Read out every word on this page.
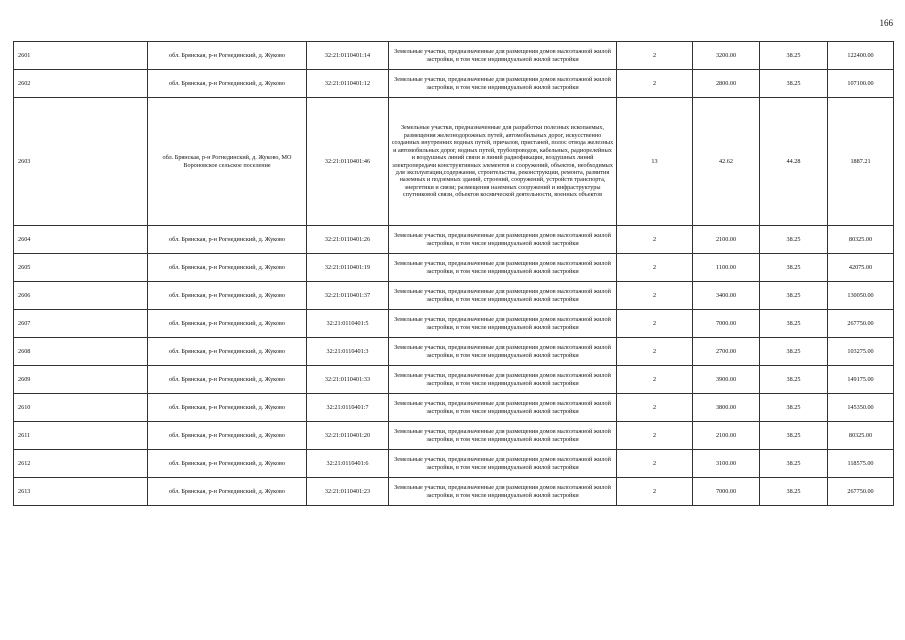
166
2601	обл. Брянская, р-н Рогнединский, д. Жуково	32:21:0110401:14	Земельные участки, предназначенные для размещения домов малоэтажной жилой застройки, в том числе индивидуальной жилой застройки	2	3200.00	38.25	122400.00
2602	обл. Брянская, р-н Рогнединский, д. Жуково	32:21:0110401:12	Земельные участки, предназначенные для размещения домов малоэтажной жилой застройки, в том числе индивидуальной жилой застройки	2	2800.00	38.25	107100.00
2603	обл. Брянская, р-н Рогнединский, д. Жуково, МО Вороновское сельское поселение	32:21:0110401:46	Земельные участки, предназначенные для разработки полезных ископаемых, размещения железнодорожных путей, автомобильных дорог, искусственно созданных внутренних водных путей, причалов, пристаней, полос отвода железных и автомобильных дорог, водных путей, трубопроводов, кабельных, радиорелейных и воздушных линий связи и линий радиофикации, воздушных линий электропередачи конструктивных элементов и сооружений, объектов, необходимых для эксплуатации,содержания, строительства, реконструкции, ремонта, развития наземных и подземных зданий, строений, сооружений, устройств транспорта, энергетики и связи; размещения наземных сооружений и инфраструктуры спутниковой связи, объектов космической деятельности, военных объектов	13	42.62	44.28	1887.21
2604	обл. Брянская, р-н Рогнединский, д. Жуково	32:21:0110401:26	Земельные участки, предназначенные для размещения домов малоэтажной жилой застройки, в том числе индивидуальной жилой застройки	2	2100.00	38.25	80325.00
2605	обл. Брянская, р-н Рогнединский, д. Жуково	32:21:0110401:19	Земельные участки, предназначенные для размещения домов малоэтажной жилой застройки, в том числе индивидуальной жилой застройки	2	1100.00	38.25	42075.00
2606	обл. Брянская, р-н Рогнединский, д. Жуково	32:21:0110401:37	Земельные участки, предназначенные для размещения домов малоэтажной жилой застройки, в том числе индивидуальной жилой застройки	2	3400.00	38.25	130050.00
2607	обл. Брянская, р-н Рогнединский, д. Жуково	32:21:0110401:5	Земельные участки, предназначенные для размещения домов малоэтажной жилой застройки, в том числе индивидуальной жилой застройки	2	7000.00	38.25	267750.00
2608	обл. Брянская, р-н Рогнединский, д. Жуково	32:21:0110401:3	Земельные участки, предназначенные для размещения домов малоэтажной жилой застройки, в том числе индивидуальной жилой застройки	2	2700.00	38.25	103275.00
2609	обл. Брянская, р-н Рогнединский, д. Жуково	32:21:0110401:33	Земельные участки, предназначенные для размещения домов малоэтажной жилой застройки, в том числе индивидуальной жилой застройки	2	3900.00	38.25	149175.00
2610	обл. Брянская, р-н Рогнединский, д. Жуково	32:21:0110401:7	Земельные участки, предназначенные для размещения домов малоэтажной жилой застройки, в том числе индивидуальной жилой застройки	2	3800.00	38.25	145350.00
2611	обл. Брянская, р-н Рогнединский, д. Жуково	32:21:0110401:20	Земельные участки, предназначенные для размещения домов малоэтажной жилой застройки, в том числе индивидуальной жилой застройки	2	2100.00	38.25	80325.00
2612	обл. Брянская, р-н Рогнединский, д. Жуково	32:21:0110401:6	Земельные участки, предназначенные для размещения домов малоэтажной жилой застройки, в том числе индивидуальной жилой застройки	2	3100.00	38.25	118575.00
2613	обл. Брянская, р-н Рогнединский, д. Жуково	32:21:0110401:23	Земельные участки, предназначенные для размещения домов малоэтажной жилой застройки, в том числе индивидуальной жилой застройки	2	7000.00	38.25	267750.00
